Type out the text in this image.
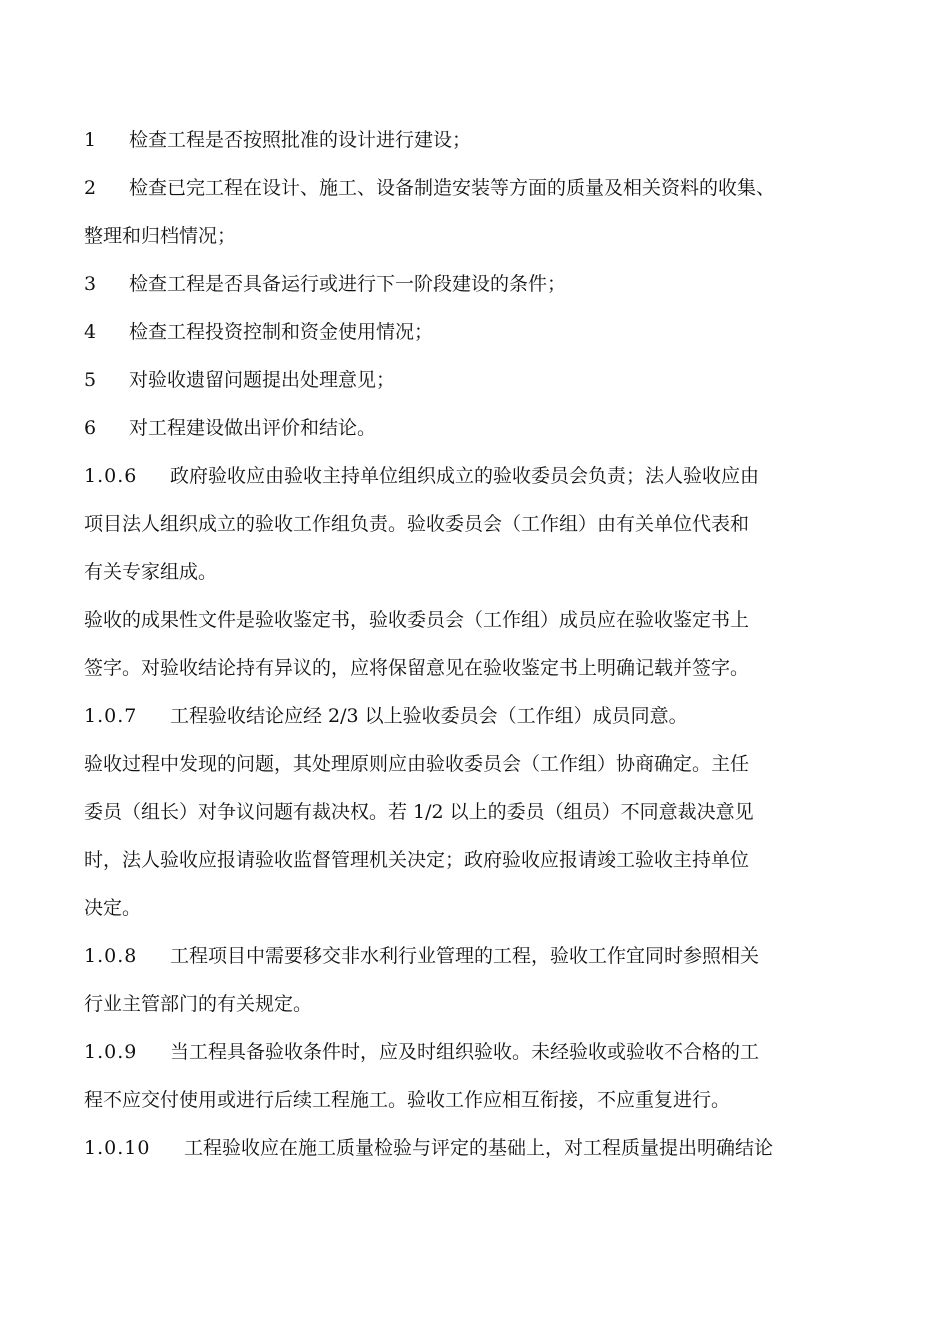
1 检查工程是否按照批准的设计进行建设；

2 检查已完工程在设计、施工、设备制造安装等方面的质量及相关资料的收集、

整理和归档情况；

3 检查工程是否具备运行或进行下一阶段建设的条件；

4 检查工程投资控制和资金使用情况；

5 对验收遗留问题提出处理意见；

6 对工程建设做出评价和结论。

1.0.6 政府验收应由验收主持单位组织成立的验收委员会负责；法人验收应由

项目法人组织成立的验收工作组负责。验收委员会（工作组）由有关单位代表和

有关专家组成。

验收的成果性文件是验收鉴定书，验收委员会（工作组）成员应在验收鉴定书上

签字。对验收结论持有异议的，应将保留意见在验收鉴定书上明确记载并签字。

1.0.7 工程验收结论应经 2/3 以上验收委员会（工作组）成员同意。

验收过程中发现的问题，其处理原则应由验收委员会（工作组）协商确定。主任

委员（组长）对争议问题有裁决权。若 1/2 以上的委员（组员）不同意裁决意见

时，法人验收应报请验收监督管理机关决定；政府验收应报请竣工验收主持单位

决定。

1.0.8 工程项目中需要移交非水利行业管理的工程，验收工作宜同时参照相关

行业主管部门的有关规定。

1.0.9 当工程具备验收条件时，应及时组织验收。未经验收或验收不合格的工

程不应交付使用或进行后续工程施工。验收工作应相互衔接，不应重复进行。

1.0.10 工程验收应在施工质量检验与评定的基础上，对工程质量提出明确结论
